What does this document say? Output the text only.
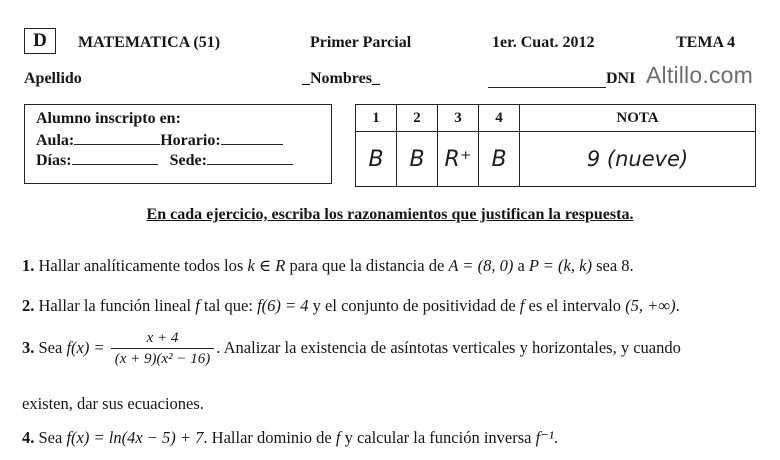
D	MATEMATICA (51)	Primer Parcial	1er. Cuat. 2012	TEMA 4
Apellido	_Nombres_	DNI Altillo.com
Alumno inscripto en:
Aula:	Horario:
Días:	Sede:
1	2	3	4	NOTA
B	B	R⁺	B	9 (nueve)
En cada ejercicio, escriba los razonamientos que justifican la respuesta.
1. Hallar analíticamente todos los k ∈ R para que la distancia de A = (8, 0) a P = (k, k) sea 8.
2. Hallar la función lineal f tal que: f(6) = 4 y el conjunto de positividad de f es el intervalo (5, +∞).
3. Sea $f(x) = \frac{x + 4}{\text{(x + 9)(x² − 16)}}$ . Analizar la existencia de asíntotas verticales y horizontales, y cuando
existen, dar sus ecuaciones.
4. Sea f(x) = ln(4x − 5) + 7. Hallar dominio de f y calcular la función inversa f⁻¹.
